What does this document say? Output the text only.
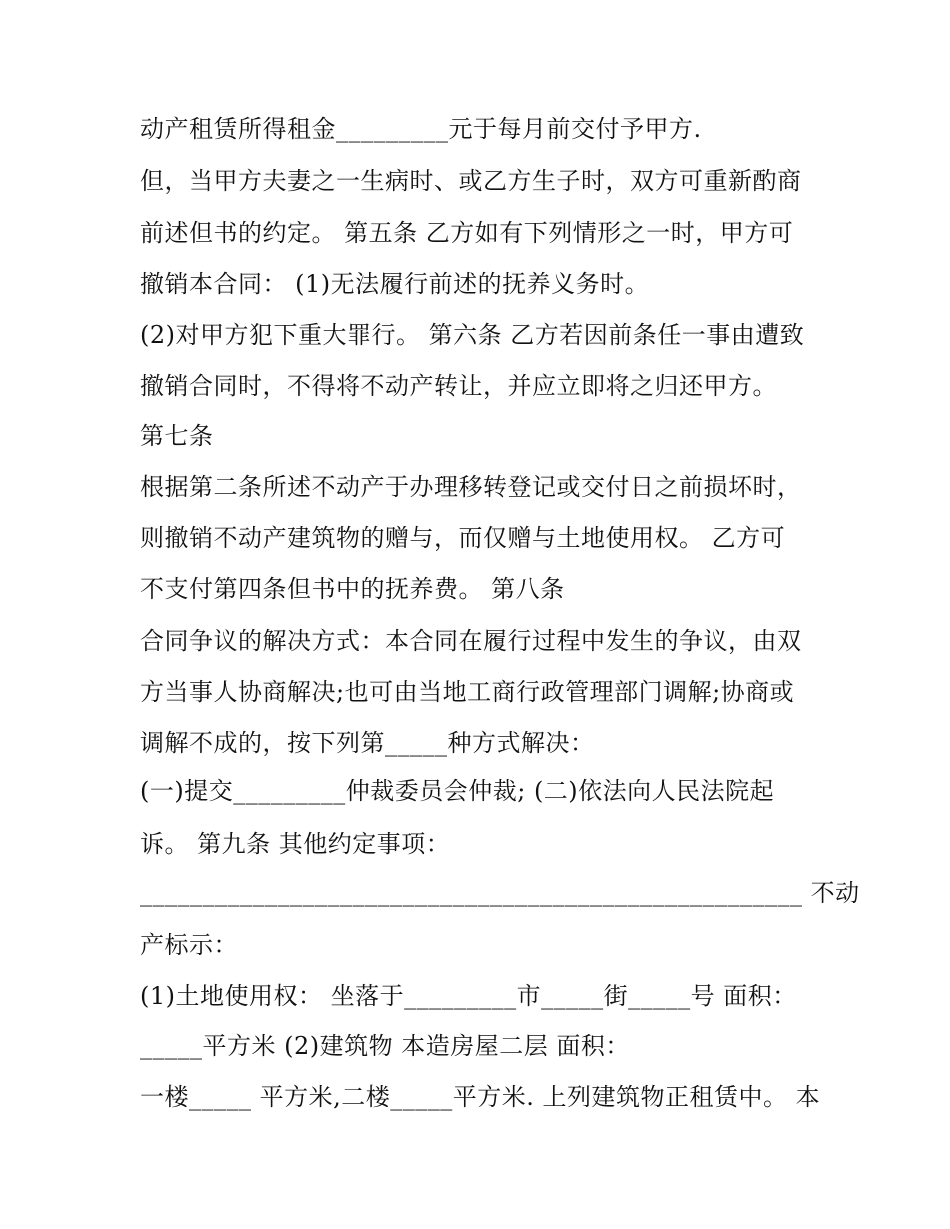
动产租赁所得租金_________元于每月前交付予甲方.
但，当甲方夫妻之一生病时、或乙方生子时，双方可重新酌商
前述但书的约定。 第五条 乙方如有下列情形之一时，甲方可
撤销本合同： (1)无法履行前述的抚养义务时。
(2)对甲方犯下重大罪行。 第六条 乙方若因前条任一事由遭致
撤销合同时，不得将不动产转让，并应立即将之归还甲方。
第七条
根据第二条所述不动产于办理移转登记或交付日之前损坏时，
则撤销不动产建筑物的赠与，而仅赠与土地使用权。 乙方可
不支付第四条但书中的抚养费。 第八条
合同争议的解决方式：本合同在履行过程中发生的争议，由双
方当事人协商解决;也可由当地工商行政管理部门调解;协商或
调解不成的，按下列第_____种方式解决：
(一)提交_________仲裁委员会仲裁; (二)依法向人民法院起
诉。 第九条 其他约定事项：
_____________________________________________________ 不动
产标示：
(1)土地使用权： 坐落于_________市_____街_____号 面积：
_____平方米 (2)建筑物 本造房屋二层 面积：
一楼_____ 平方米,二楼_____平方米. 上列建筑物正租赁中。 本
